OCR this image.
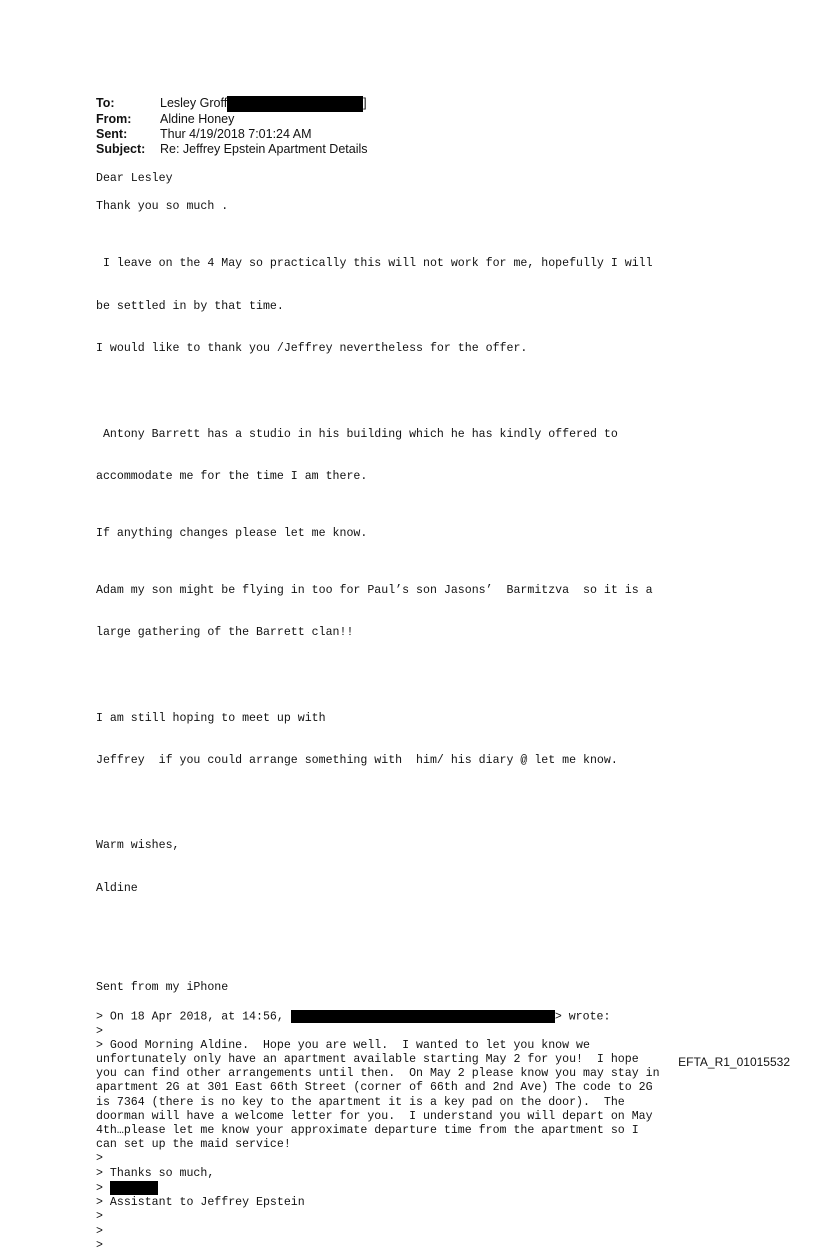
To:	Lesley Groff	]
From:	Aldine Honey
Sent:	Thur 4/19/2018 7:01:24 AM
Subject:	Re: Jeffrey Epstein Apartment Details
Dear Lesley
Thank you so much .

I leave on the 4 May so practically this will not work for me, hopefully I will

be settled in by that time.

I would like to thank you /Jeffrey nevertheless for the offer.

Antony Barrett has a studio in his building which he has kindly offered to

accommodate me for the time I am there.

If anything changes please let me know.

Adam my son might be flying in too for Paul’s son Jasons’  Barmitzva  so it is a

large gathering of the Barrett clan!!

I am still hoping to meet up with

Jeffrey  if you could arrange something with  him/ his diary @ let me know.

Warm wishes,

Aldine

Sent from my iPhone
> On 18 Apr 2018, at 14:56,	> wrote:
>
> Good Morning Aldine.  Hope you are well.  I wanted to let you know we
unfortunately only have an apartment available starting May 2 for you!  I hope
you can find other arrangements until then.  On May 2 please know you may stay in
apartment 2G at 301 East 66th Street (corner of 66th and 2nd Ave) The code to 2G
is 7364 (there is no key to the apartment it is a key pad on the door).  The
doorman will have a welcome letter for you.  I understand you will depart on May
4th…please let me know your approximate departure time from the apartment so I
can set up the maid service!
>
> Thanks so much,
>
> Assistant to Jeffrey Epstein
>
>
>
EFTA_R1_01015532
